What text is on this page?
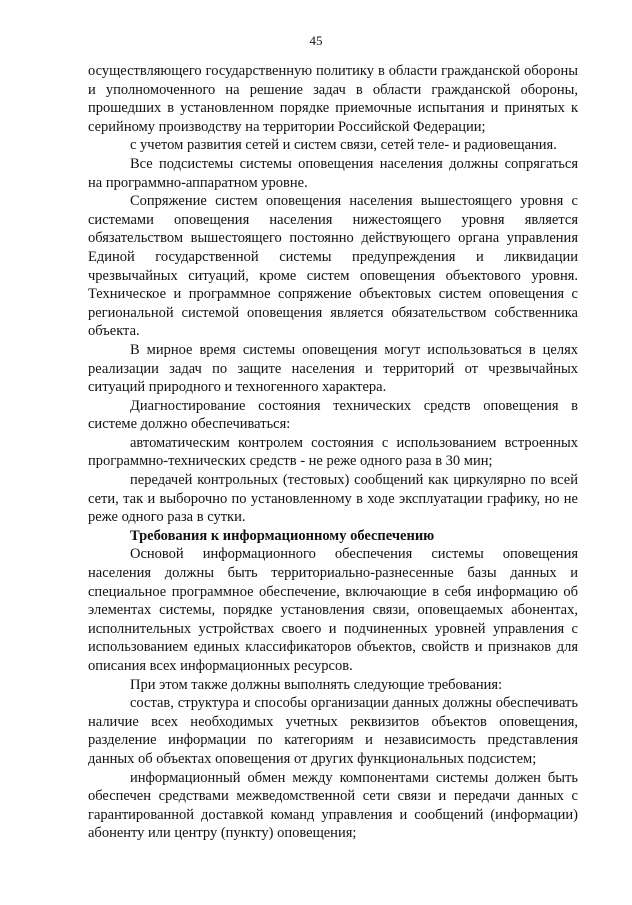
45

осуществляющего государственную политику в области гражданской обороны и уполномоченного на решение задач в области гражданской обороны, прошедших в установленном порядке приемочные испытания и принятых к серийному производству на территории Российской Федерации;

с учетом развития сетей и систем связи, сетей теле- и радиовещания.

Все подсистемы системы оповещения населения должны сопрягаться на программно-аппаратном уровне.

Сопряжение систем оповещения населения вышестоящего уровня с системами оповещения населения нижестоящего уровня является обязательством вышестоящего постоянно действующего органа управления Единой государственной системы предупреждения и ликвидации чрезвычайных ситуаций, кроме систем оповещения объектового уровня. Техническое и программное сопряжение объектовых систем оповещения с региональной системой оповещения является обязательством собственника объекта.

В мирное время системы оповещения могут использоваться в целях реализации задач по защите населения и территорий от чрезвычайных ситуаций природного и техногенного характера.

Диагностирование состояния технических средств оповещения в системе должно обеспечиваться:

автоматическим контролем состояния с использованием встроенных программно-технических средств - не реже одного раза в 30 мин;

передачей контрольных (тестовых) сообщений как циркулярно по всей сети, так и выборочно по установленному в ходе эксплуатации графику, но не реже одного раза в сутки.

Требования к информационному обеспечению

Основой информационного обеспечения системы оповещения населения должны быть территориально-разнесенные базы данных и специальное программное обеспечение, включающие в себя информацию об элементах системы, порядке установления связи, оповещаемых абонентах, исполнительных устройствах своего и подчиненных уровней управления с использованием единых классификаторов объектов, свойств и признаков для описания всех информационных ресурсов.

При этом также должны выполнять следующие требования:

состав, структура и способы организации данных должны обеспечивать наличие всех необходимых учетных реквизитов объектов оповещения, разделение информации по категориям и независимость представления данных об объектах оповещения от других функциональных подсистем;

информационный обмен между компонентами системы должен быть обеспечен средствами межведомственной сети связи и передачи данных с гарантированной доставкой команд управления и сообщений (информации) абоненту или центру (пункту) оповещения;
